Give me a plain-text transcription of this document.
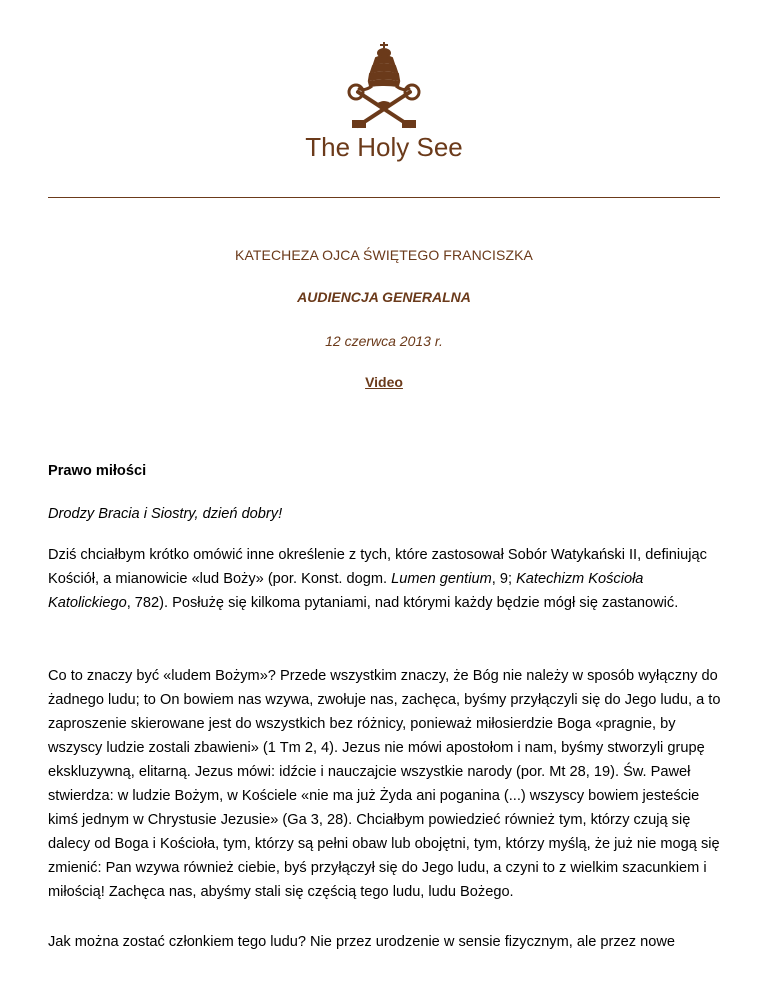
The Holy See
KATECHEZA OJCA ŚWIĘTEGO FRANCISZKA
AUDIENCJA GENERALNA
12 czerwca 2013 r.
Video
Prawo miłości
Drodzy Bracia i Siostry, dzień dobry!

Dziś chciałbym krótko omówić inne określenie z tych, które zastosował Sobór Watykański II, definiując Kościół, a mianowicie «lud Boży» (por. Konst. dogm. Lumen gentium, 9; Katechizm Kościoła Katolickiego, 782). Posłużę się kilkoma pytaniami, nad którymi każdy będzie mógł się zastanowić.

Co to znaczy być «ludem Bożym»? Przede wszystkim znaczy, że Bóg nie należy w sposób wyłączny do żadnego ludu; to On bowiem nas wzywa, zwołuje nas, zachęca, byśmy przyłączyli się do Jego ludu, a to zaproszenie skierowane jest do wszystkich bez różnicy, ponieważ miłosierdzie Boga «pragnie, by wszyscy ludzie zostali zbawieni» (1 Tm 2, 4). Jezus nie mówi apostołom i nam, byśmy stworzyli grupę ekskluzywną, elitarną. Jezus mówi: idźcie i nauczajcie wszystkie narody (por. Mt 28, 19). Św. Paweł stwierdza: w ludzie Bożym, w Kościele «nie ma już Żyda ani poganina (...) wszyscy bowiem jesteście kimś jednym w Chrystusie Jezusie» (Ga 3, 28). Chciałbym powiedzieć również tym, którzy czują się dalecy od Boga i Kościoła, tym, którzy są pełni obaw lub obojętni, tym, którzy myślą, że już nie mogą się zmienić: Pan wzywa również ciebie, byś przyłączył się do Jego ludu, a czyni to z wielkim szacunkiem i miłością! Zachęca nas, abyśmy stali się częścią tego ludu, ludu Bożego.

Jak można zostać członkiem tego ludu? Nie przez urodzenie w sensie fizycznym, ale przez nowe
